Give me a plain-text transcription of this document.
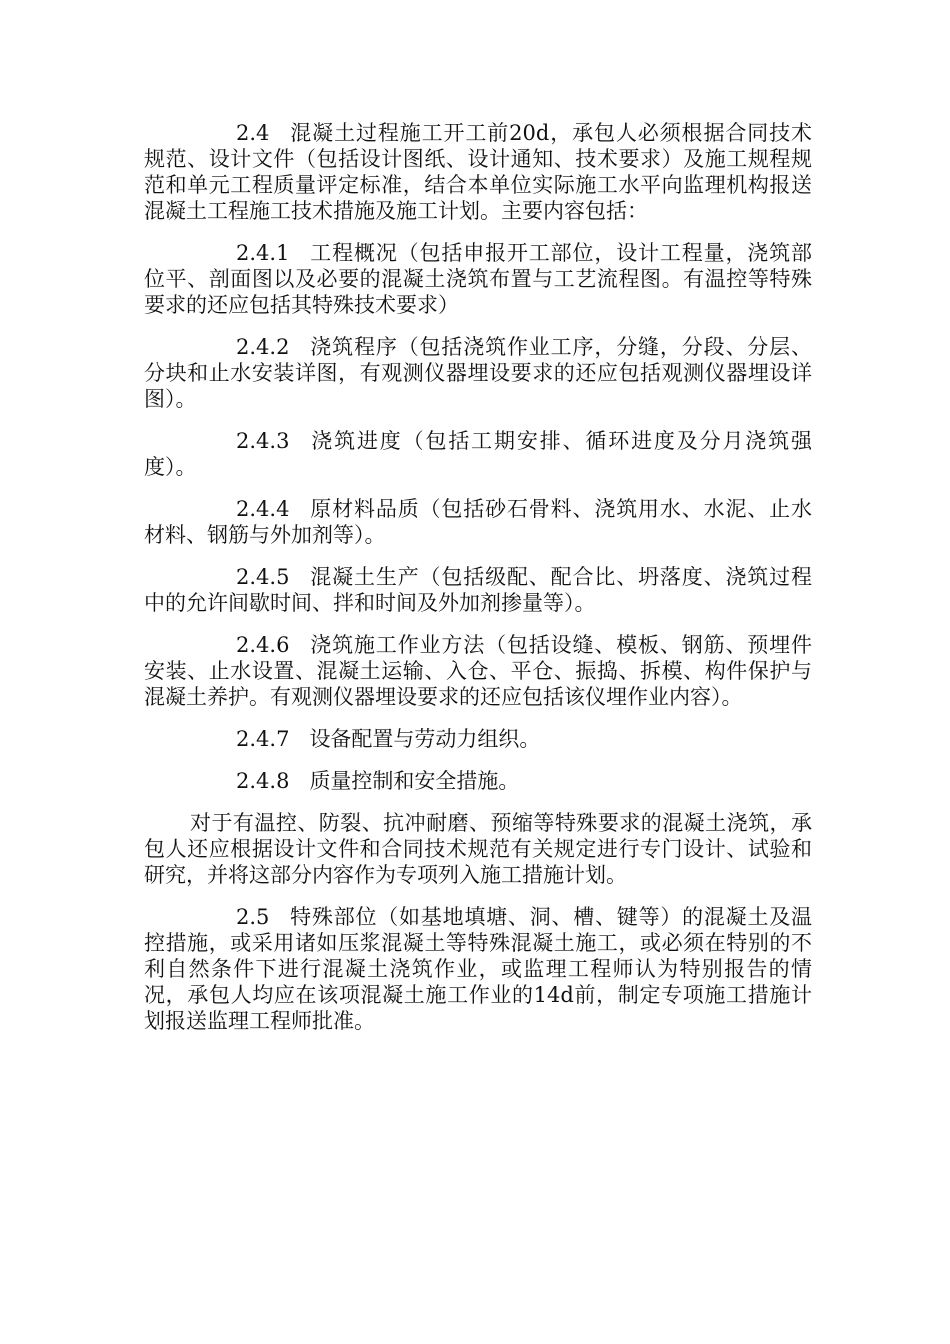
2.4 混凝土过程施工开工前20d，承包人必须根据合同技术规范、设计文件（包括设计图纸、设计通知、技术要求）及施工规程规范和单元工程质量评定标准，结合本单位实际施工水平向监理机构报送混凝土工程施工技术措施及施工计划。主要内容包括：

2.4.1 工程概况（包括申报开工部位，设计工程量，浇筑部位平、剖面图以及必要的混凝土浇筑布置与工艺流程图。有温控等特殊要求的还应包括其特殊技术要求）

2.4.2 浇筑程序（包括浇筑作业工序，分缝，分段、分层、分块和止水安装详图，有观测仪器埋设要求的还应包括观测仪器埋设详图）。

2.4.3 浇筑进度（包括工期安排、循环进度及分月浇筑强度）。

2.4.4 原材料品质（包括砂石骨料、浇筑用水、水泥、止水材料、钢筋与外加剂等）。

2.4.5 混凝土生产（包括级配、配合比、坍落度、浇筑过程中的允许间歇时间、拌和时间及外加剂掺量等）。

2.4.6 浇筑施工作业方法（包括设缝、模板、钢筋、预埋件安装、止水设置、混凝土运输、入仓、平仓、振捣、拆模、构件保护与混凝土养护。有观测仪器埋设要求的还应包括该仪埋作业内容）。

2.4.7 设备配置与劳动力组织。

2.4.8 质量控制和安全措施。

对于有温控、防裂、抗冲耐磨、预缩等特殊要求的混凝土浇筑，承包人还应根据设计文件和合同技术规范有关规定进行专门设计、试验和研究，并将这部分内容作为专项列入施工措施计划。

2.5 特殊部位（如基地填塘、洞、槽、键等）的混凝土及温控措施，或采用诸如压浆混凝土等特殊混凝土施工，或必须在特别的不利自然条件下进行混凝土浇筑作业，或监理工程师认为特别报告的情况，承包人均应在该项混凝土施工作业的14d前，制定专项施工措施计划报送监理工程师批准。
